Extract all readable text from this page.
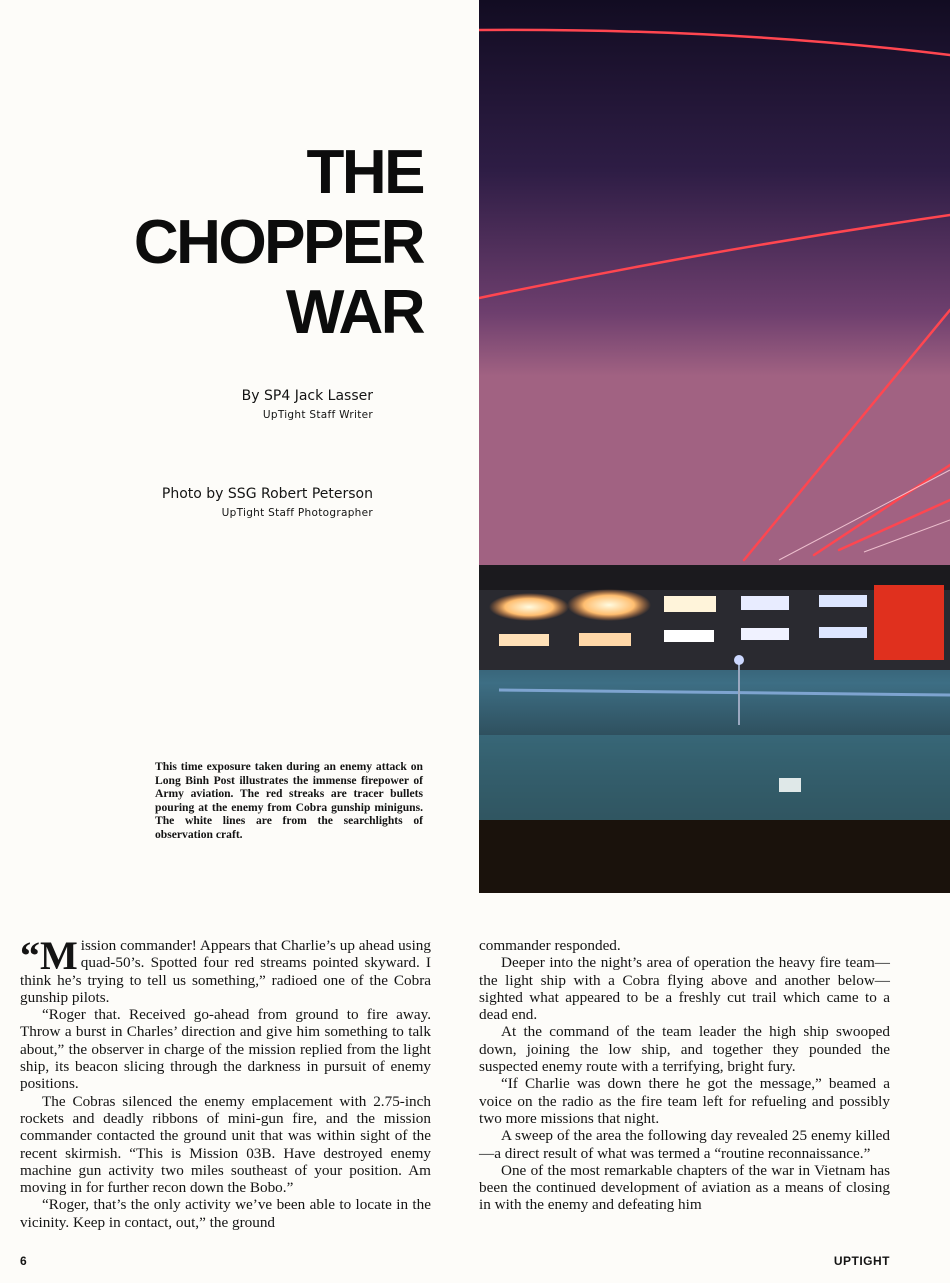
THE
CHOPPER
WAR
By SP4 Jack Lasser
UpTight Staff Writer
Photo by SSG Robert Peterson
UpTight Staff Photographer

This time exposure taken during an enemy attack on Long Binh Post illustrates the immense firepower of Army aviation. The red streaks are tracer bullets pouring at the enemy from Cobra gunship miniguns. The white lines are from the searchlights of observation craft.

“M ission commander! Appears that Charlie’s up ahead using quad-50’s. Spotted four red streams pointed skyward. I think he’s trying to tell us something,” radioed one of the Cobra gunship pilots.

“Roger that. Received go-ahead from ground to fire away. Throw a burst in Charles’ direction and give him something to talk about,” the observer in charge of the mission replied from the light ship, its beacon slicing through the darkness in pursuit of enemy positions.

The Cobras silenced the enemy emplacement with 2.75-inch rockets and deadly ribbons of mini-gun fire, and the mission commander contacted the ground unit that was within sight of the recent skirmish. “This is Mission 03B. Have destroyed enemy machine gun activity two miles southeast of your position. Am moving in for further recon down the Bobo.”

“Roger, that’s the only activity we’ve been able to locate in the vicinity. Keep in contact, out,” the ground

commander responded.

Deeper into the night’s area of operation the heavy fire team—the light ship with a Cobra flying above and another below—sighted what appeared to be a freshly cut trail which came to a dead end.

At the command of the team leader the high ship swooped down, joining the low ship, and together they pounded the suspected enemy route with a terrifying, bright fury.

“If Charlie was down there he got the message,” beamed a voice on the radio as the fire team left for refueling and possibly two more missions that night.

A sweep of the area the following day revealed 25 enemy killed—a direct result of what was termed a “routine reconnaissance.”

One of the most remarkable chapters of the war in Vietnam has been the continued development of aviation as a means of closing in with the enemy and defeating him

6	UPTIGHT
